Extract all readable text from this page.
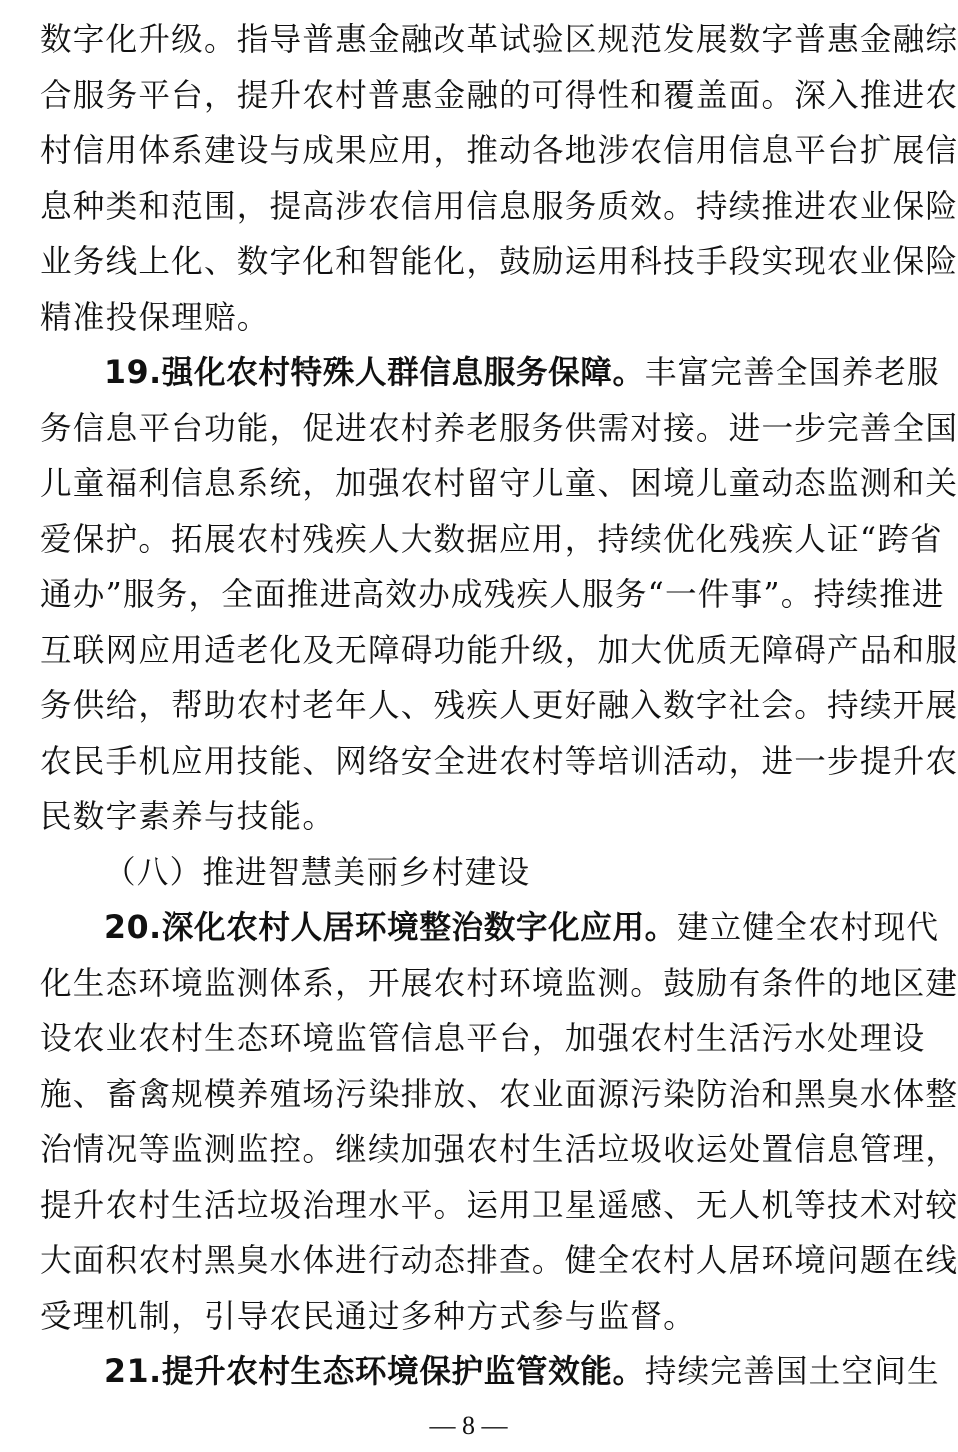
数字化升级。指导普惠金融改革试验区规范发展数字普惠金融综
合服务平台，提升农村普惠金融的可得性和覆盖面。深入推进农
村信用体系建设与成果应用，推动各地涉农信用信息平台扩展信
息种类和范围，提高涉农信用信息服务质效。持续推进农业保险
业务线上化、数字化和智能化，鼓励运用科技手段实现农业保险
精准投保理赔。
19.强化农村特殊人群信息服务保障。丰富完善全国养老服
务信息平台功能，促进农村养老服务供需对接。进一步完善全国
儿童福利信息系统，加强农村留守儿童、困境儿童动态监测和关
爱保护。拓展农村残疾人大数据应用，持续优化残疾人证“跨省
通办”服务，全面推进高效办成残疾人服务“一件事”。持续推进
互联网应用适老化及无障碍功能升级，加大优质无障碍产品和服
务供给，帮助农村老年人、残疾人更好融入数字社会。持续开展
农民手机应用技能、网络安全进农村等培训活动，进一步提升农
民数字素养与技能。
（八）推进智慧美丽乡村建设
20.深化农村人居环境整治数字化应用。建立健全农村现代
化生态环境监测体系，开展农村环境监测。鼓励有条件的地区建
设农业农村生态环境监管信息平台，加强农村生活污水处理设
施、畜禽规模养殖场污染排放、农业面源污染防治和黑臭水体整
治情况等监测监控。继续加强农村生活垃圾收运处置信息管理，
提升农村生活垃圾治理水平。运用卫星遥感、无人机等技术对较
大面积农村黑臭水体进行动态排查。健全农村人居环境问题在线
受理机制，引导农民通过多种方式参与监督。
21.提升农村生态环境保护监管效能。持续完善国土空间生
— 8 —
